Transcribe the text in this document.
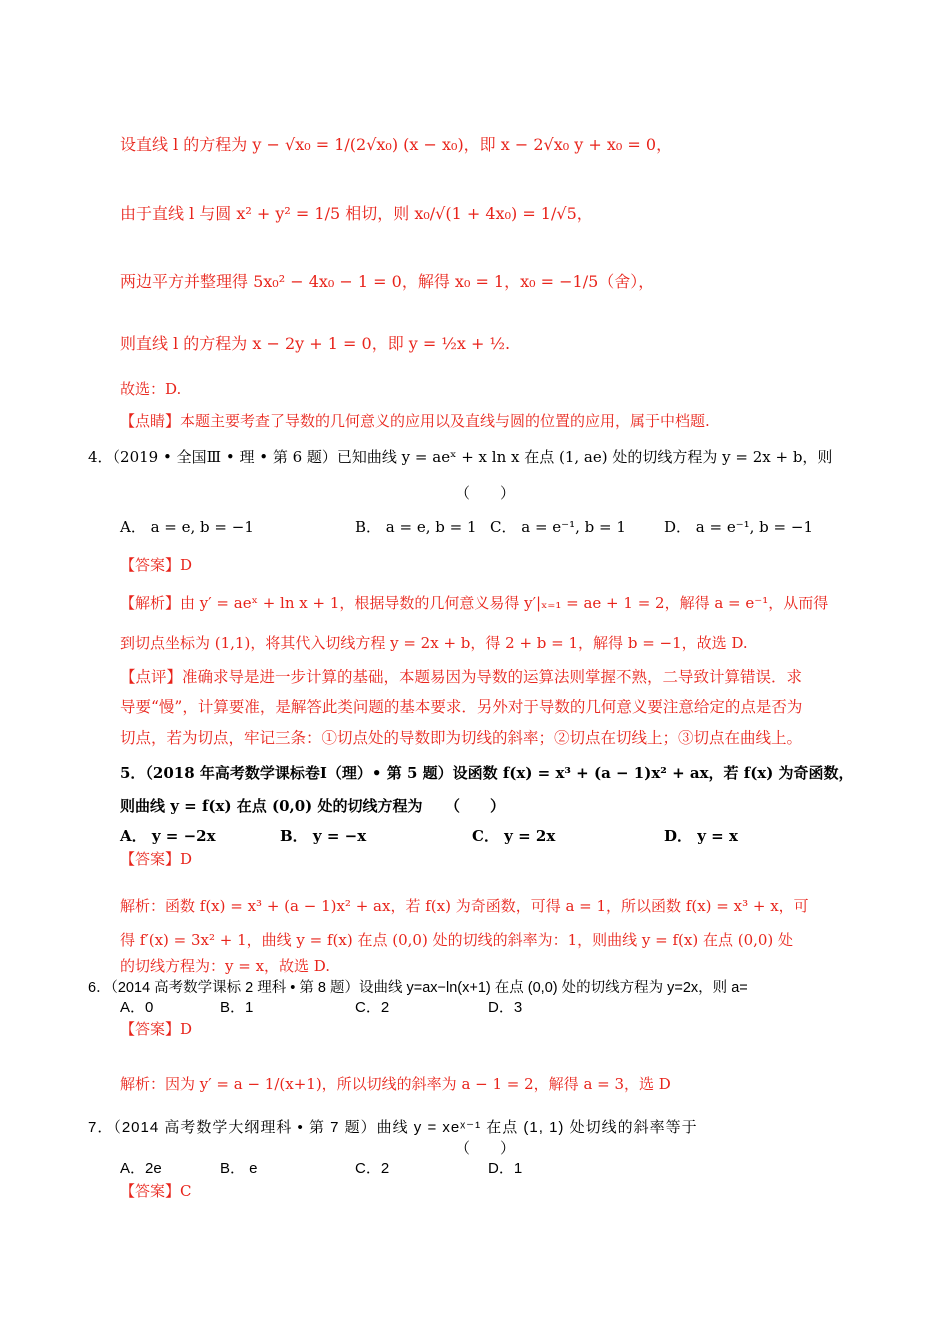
设直线 l 的方程为 y − √x₀ = 1/(2√x₀) (x − x₀)，即 x − 2√x₀ y + x₀ = 0，
由于直线 l 与圆 x² + y² = 1/5 相切，则 x₀/√(1 + 4x₀) = 1/√5，
两边平方并整理得 5x₀² − 4x₀ − 1 = 0，解得 x₀ = 1，x₀ = −1/5（舍），
则直线 l 的方程为 x − 2y + 1 = 0，即 y = ½x + ½.
故选：D.
【点睛】本题主要考查了导数的几何意义的应用以及直线与圆的位置的应用，属于中档题.
4．（2019 • 全国Ⅲ • 理 • 第 6 题）已知曲线 y = aeˣ + x ln x 在点 (1, ae) 处的切线方程为 y = 2x + b，则
（　　）
A． a = e, b = −1	B． a = e, b = 1 C． a = e⁻¹, b = 1	D． a = e⁻¹, b = −1
【答案】D
【解析】由 y′ = aeˣ + ln x + 1，根据导数的几何意义易得 y′|ₓ₌₁ = ae + 1 = 2，解得 a = e⁻¹，从而得
到切点坐标为 (1,1)，将其代入切线方程 y = 2x + b，得 2 + b = 1，解得 b = −1，故选 D.
【点评】准确求导是进一步计算的基础，本题易因为导数的运算法则掌握不熟，二导致计算错误．求
导要“慢”，计算要准，是解答此类问题的基本要求．另外对于导数的几何意义要注意给定的点是否为
切点，若为切点，牢记三条：①切点处的导数即为切线的斜率；②切点在切线上；③切点在曲线上。
5．（2018 年高考数学课标卷Ⅰ（理）• 第 5 题）设函数 f(x) = x³ + (a − 1)x² + ax，若 f(x) 为奇函数，
则曲线 y = f(x) 在点 (0,0) 处的切线方程为　　（　　）
A． y = −2x	B． y = −x	C． y = 2x	D． y = x
【答案】D
解析：函数 f(x) = x³ + (a − 1)x² + ax，若 f(x) 为奇函数，可得 a = 1，所以函数 f(x) = x³ + x，可
得 f′(x) = 3x² + 1，曲线 y = f(x) 在点 (0,0) 处的切线的斜率为：1，则曲线 y = f(x) 在点 (0,0) 处
的切线方程为：y = x，故选 D.
6．（2014 高考数学课标 2 理科 • 第 8 题）设曲线 y=ax−ln(x+1) 在点 (0,0) 处的切线方程为 y=2x，则 a=
A．0	B．1	C．2	D．3
【答案】D
解析：因为 y′ = a − 1/(x+1)，所以切线的斜率为 a − 1 = 2，解得 a = 3，选 D
7．（2014 高考数学大纲理科 • 第 7 题）曲线 y = xeˣ⁻¹ 在点 (1, 1) 处切线的斜率等于
（　　）
A．2e	B． e	C．2	D．1
【答案】C
